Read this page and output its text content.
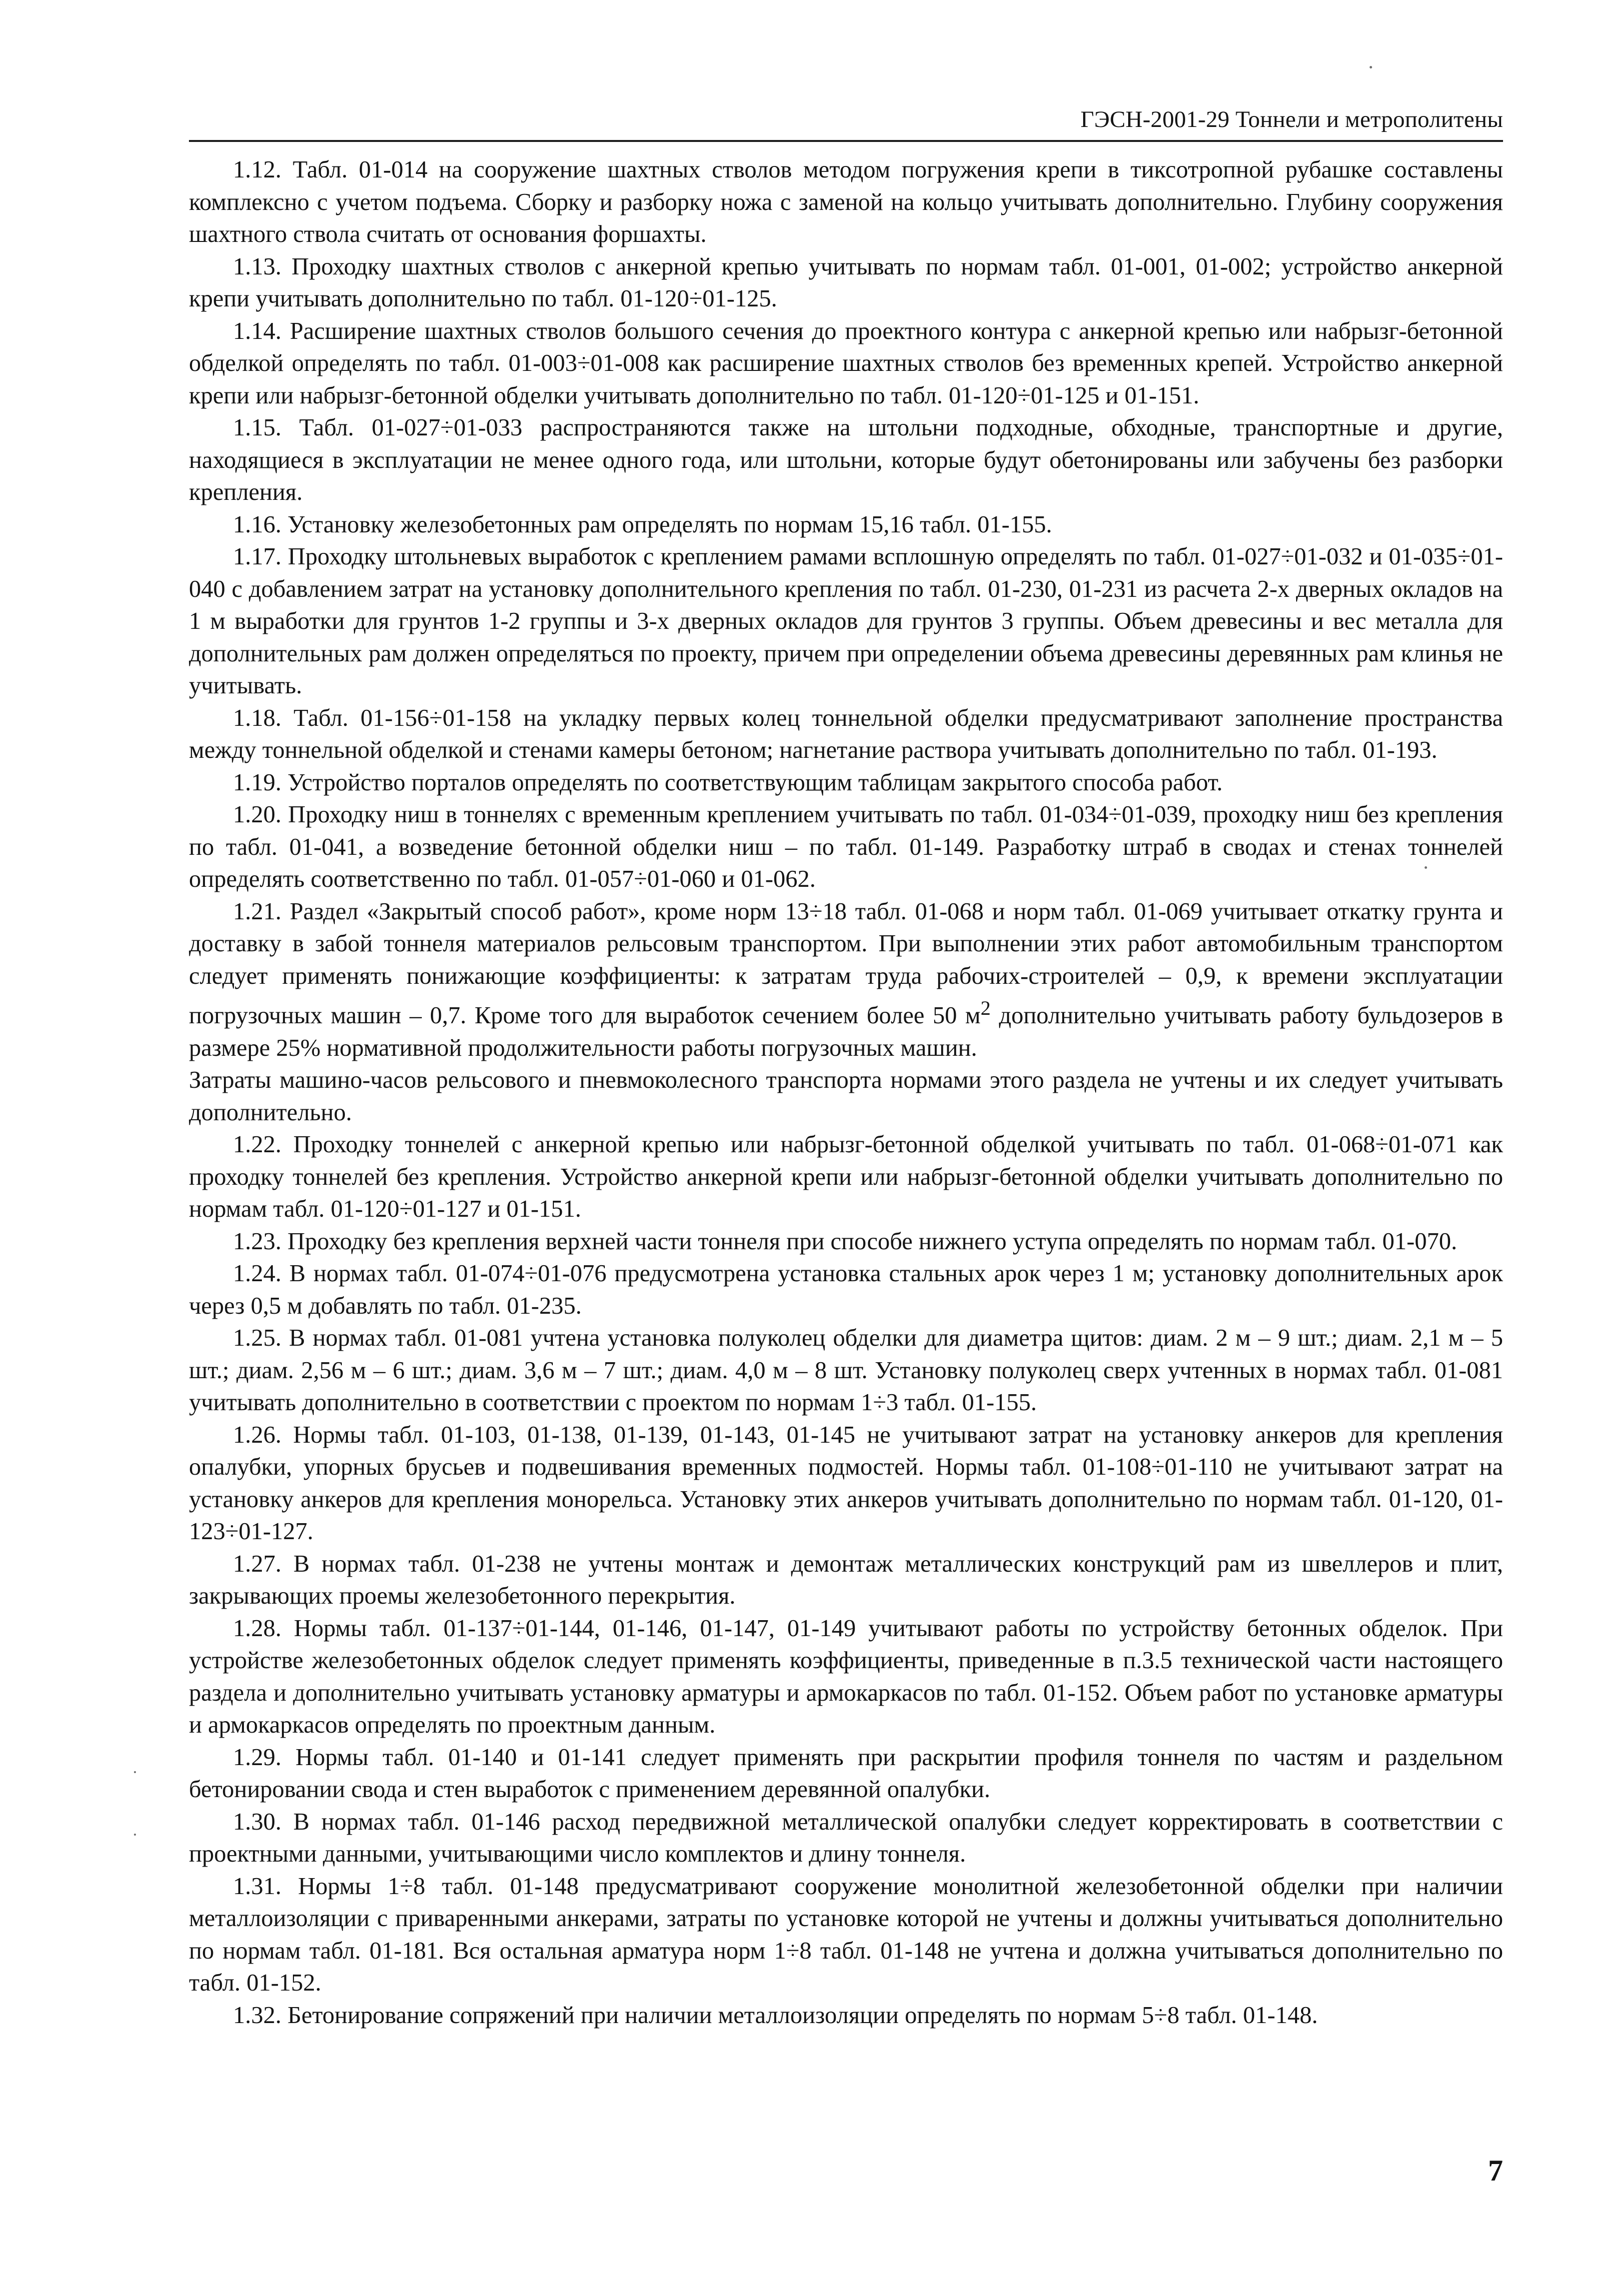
ГЭСН-2001-29 Тоннели и метрополитены

1.12. Табл. 01-014 на сооружение шахтных стволов методом погружения крепи в тиксотропной рубашке составлены комплексно с учетом подъема. Сборку и разборку ножа с заменой на кольцо учитывать дополнительно. Глубину сооружения шахтного ствола считать от основания форшахты.

1.13. Проходку шахтных стволов с анкерной крепью учитывать по нормам табл. 01-001, 01-002; устройство анкерной крепи учитывать дополнительно по табл. 01-120÷01-125.

1.14. Расширение шахтных стволов большого сечения до проектного контура с анкерной крепью или набрызг-бетонной обделкой определять по табл. 01-003÷01-008 как расширение шахтных стволов без временных крепей. Устройство анкерной крепи или набрызг-бетонной обделки учитывать дополнительно по табл. 01-120÷01-125 и 01-151.

1.15. Табл. 01-027÷01-033 распространяются также на штольни подходные, обходные, транспортные и другие, находящиеся в эксплуатации не менее одного года, или штольни, которые будут обетонированы или забучены без разборки крепления.

1.16. Установку железобетонных рам определять по нормам 15,16 табл. 01-155.

1.17. Проходку штольневых выработок с креплением рамами всплошную определять по табл. 01-027÷01-032 и 01-035÷01-040 с добавлением затрат на установку дополнительного крепления по табл. 01-230, 01-231 из расчета 2-х дверных окладов на 1 м выработки для грунтов 1-2 группы и 3-х дверных окладов для грунтов 3 группы. Объем древесины и вес металла для дополнительных рам должен определяться по проекту, причем при определении объема древесины деревянных рам клинья не учитывать.

1.18. Табл. 01-156÷01-158 на укладку первых колец тоннельной обделки предусматривают заполнение пространства между тоннельной обделкой и стенами камеры бетоном; нагнетание раствора учитывать дополнительно по табл. 01-193.

1.19. Устройство порталов определять по соответствующим таблицам закрытого способа работ.

1.20. Проходку ниш в тоннелях с временным креплением учитывать по табл. 01-034÷01-039, проходку ниш без крепления по табл. 01-041, а возведение бетонной обделки ниш – по табл. 01-149. Разработку штраб в сводах и стенах тоннелей определять соответственно по табл. 01-057÷01-060 и 01-062.

1.21. Раздел «Закрытый способ работ», кроме норм 13÷18 табл. 01-068 и норм табл. 01-069 учитывает откатку грунта и доставку в забой тоннеля материалов рельсовым транспортом. При выполнении этих работ автомобильным транспортом следует применять понижающие коэффициенты: к затратам труда рабочих-строителей – 0,9, к времени эксплуатации погрузочных машин – 0,7. Кроме того для выработок сечением более 50 $м^2$ дополнительно учитывать работу бульдозеров в размере 25% нормативной продолжительности работы погрузочных машин.

Затраты машино-часов рельсового и пневмоколесного транспорта нормами этого раздела не учтены и их следует учитывать дополнительно.

1.22. Проходку тоннелей с анкерной крепью или набрызг-бетонной обделкой учитывать по табл. 01-068÷01-071 как проходку тоннелей без крепления. Устройство анкерной крепи или набрызг-бетонной обделки учитывать дополнительно по нормам табл. 01-120÷01-127 и 01-151.

1.23. Проходку без крепления верхней части тоннеля при способе нижнего уступа определять по нормам табл. 01-070.

1.24. В нормах табл. 01-074÷01-076 предусмотрена установка стальных арок через 1 м; установку дополнительных арок через 0,5 м добавлять по табл. 01-235.

1.25. В нормах табл. 01-081 учтена установка полуколец обделки для диаметра щитов: диам. 2 м – 9 шт.; диам. 2,1 м – 5 шт.; диам. 2,56 м – 6 шт.; диам. 3,6 м – 7 шт.; диам. 4,0 м – 8 шт. Установку полуколец сверх учтенных в нормах табл. 01-081 учитывать дополнительно в соответствии с проектом по нормам 1÷3 табл. 01-155.

1.26. Нормы табл. 01-103, 01-138, 01-139, 01-143, 01-145 не учитывают затрат на установку анкеров для крепления опалубки, упорных брусьев и подвешивания временных подмостей. Нормы табл. 01-108÷01-110 не учитывают затрат на установку анкеров для крепления монорельса. Установку этих анкеров учитывать дополнительно по нормам табл. 01-120, 01-123÷01-127.

1.27. В нормах табл. 01-238 не учтены монтаж и демонтаж металлических конструкций рам из швеллеров и плит, закрывающих проемы железобетонного перекрытия.

1.28. Нормы табл. 01-137÷01-144, 01-146, 01-147, 01-149 учитывают работы по устройству бетонных обделок. При устройстве железобетонных обделок следует применять коэффициенты, приведенные в п.3.5 технической части настоящего раздела и дополнительно учитывать установку арматуры и армокаркасов по табл. 01-152. Объем работ по установке арматуры и армокаркасов определять по проектным данным.

1.29. Нормы табл. 01-140 и 01-141 следует применять при раскрытии профиля тоннеля по частям и раздельном бетонировании свода и стен выработок с применением деревянной опалубки.

1.30. В нормах табл. 01-146 расход передвижной металлической опалубки следует корректировать в соответствии с проектными данными, учитывающими число комплектов и длину тоннеля.

1.31. Нормы 1÷8 табл. 01-148 предусматривают сооружение монолитной железобетонной обделки при наличии металлоизоляции с приваренными анкерами, затраты по установке которой не учтены и должны учитываться дополнительно по нормам табл. 01-181. Вся остальная арматура норм 1÷8 табл. 01-148 не учтена и должна учитываться дополнительно по табл. 01-152.

1.32. Бетонирование сопряжений при наличии металлоизоляции определять по нормам 5÷8 табл. 01-148.

7
